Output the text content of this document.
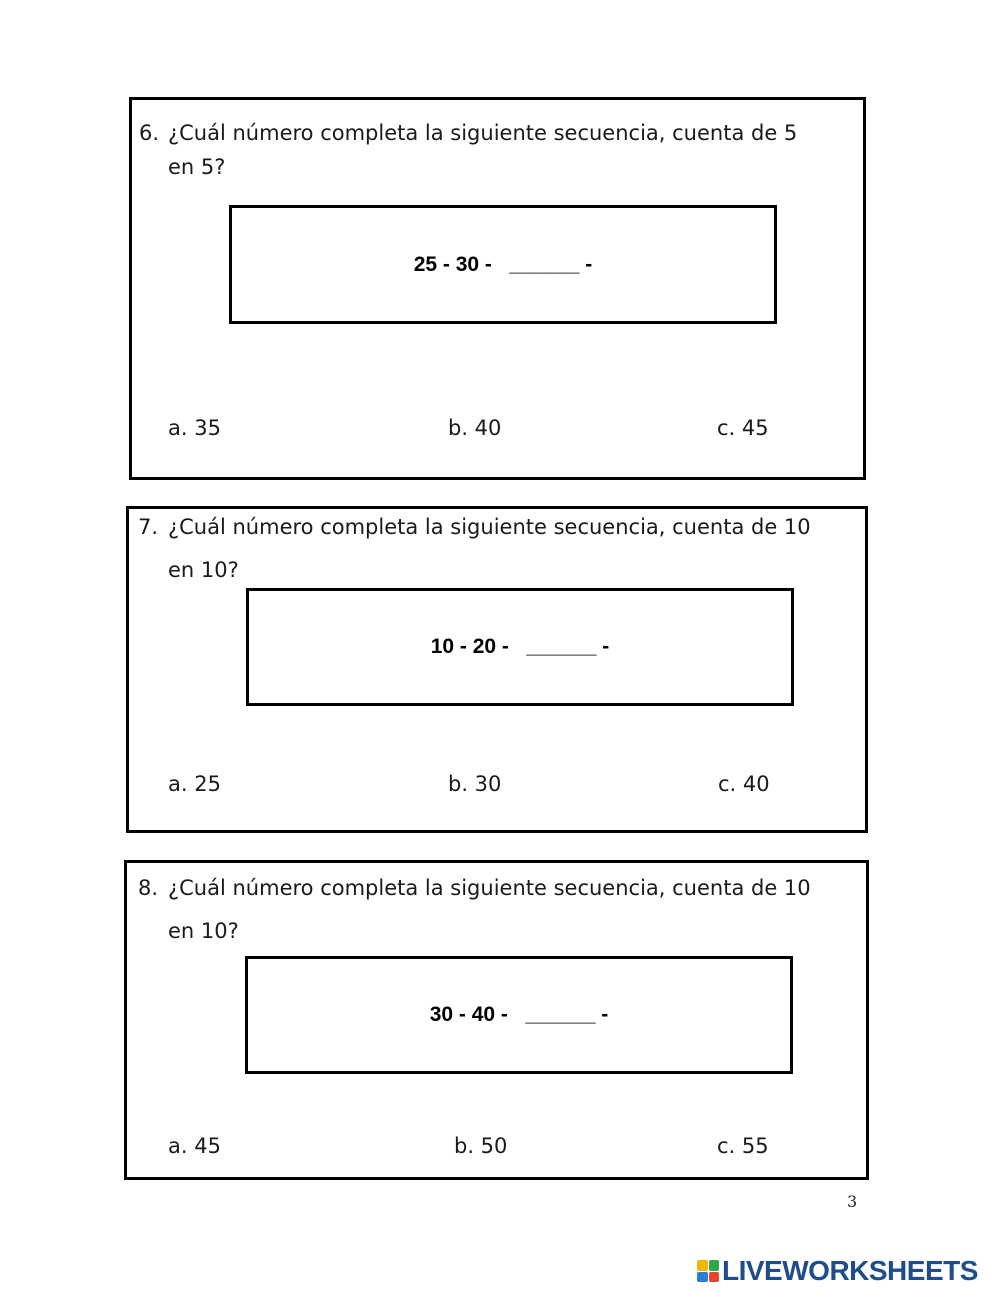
6. ¿Cuál número completa la siguiente secuencia, cuenta de 5
en 5?
25 - 30 -   ______ -
a. 35	b. 40	c. 45
7. ¿Cuál número completa la siguiente secuencia, cuenta de 10
en 10?
10 - 20 -   ______ -
a. 25	b. 30	c. 40
8. ¿Cuál número completa la siguiente secuencia, cuenta de 10
en 10?
30 - 40 -   ______ -
a. 45	b. 50	c. 55
3
LIVEWORKSHEETS
